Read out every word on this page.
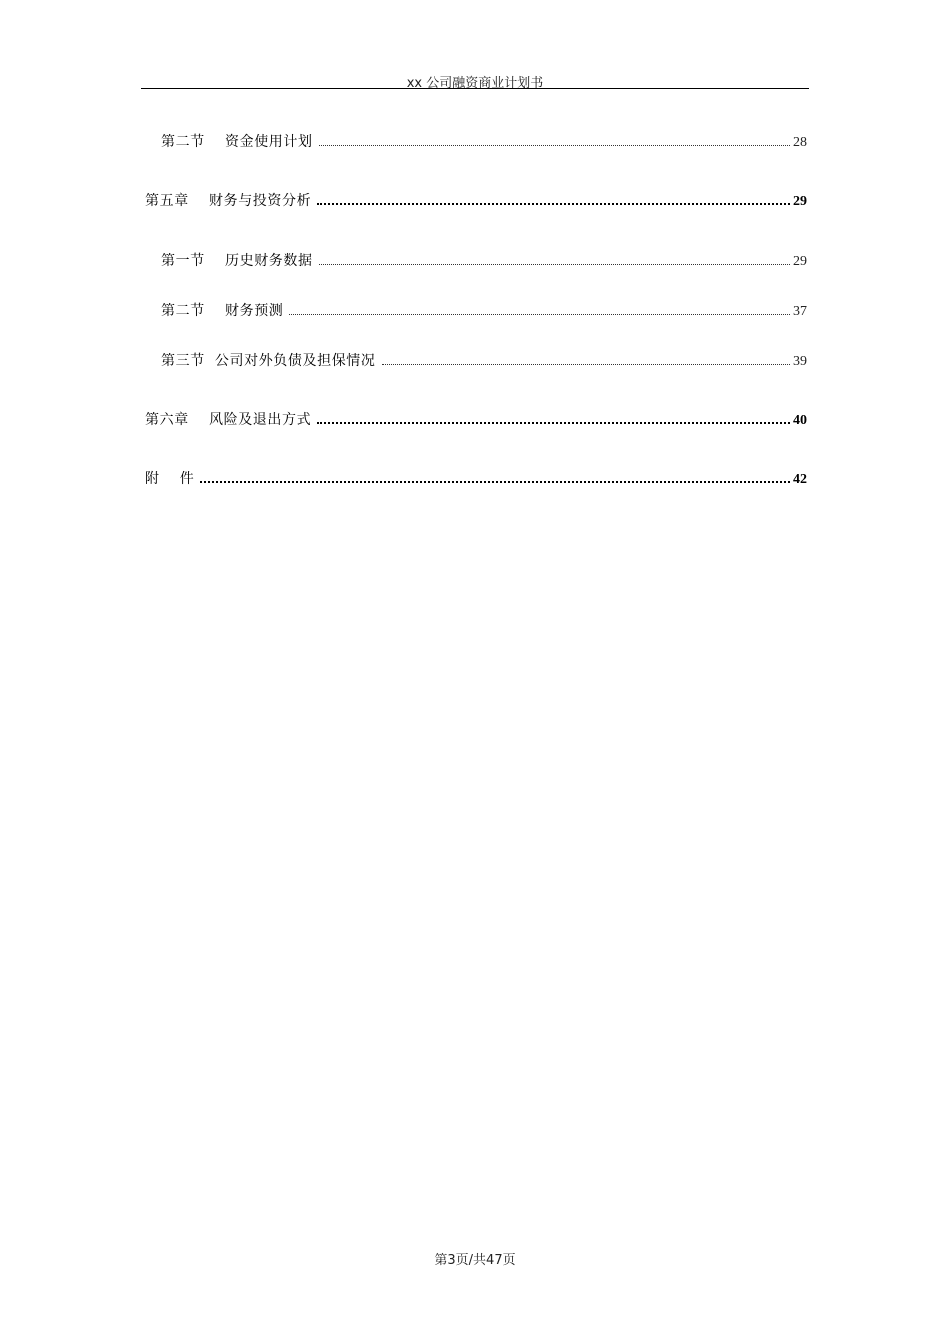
xx 公司融资商业计划书
第二节    资金使用计划	28
第五章    财务与投资分析	29
第一节    历史财务数据	29
第二节    财务预测	37
第三节  公司对外负债及担保情况	39
第六章    风险及退出方式	40
附    件	42
第3页/共47页
